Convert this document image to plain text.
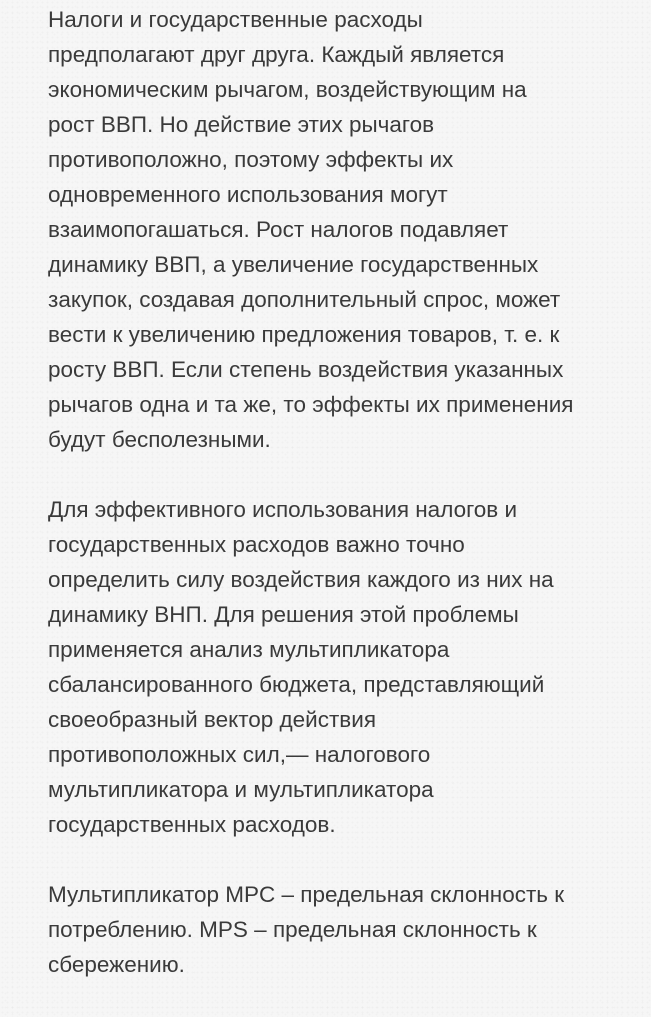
Налоги и государственные расходы
предполагают друг друга. Каждый является
экономическим рычагом, воздействующим на
рост ВВП. Но действие этих рычагов
противоположно, поэтому эффекты их
одновременного использования могут
взаимопогашаться. Рост налогов подавляет
динамику ВВП, а увеличение государственных
закупок, создавая дополнительный спрос, может
вести к увеличению предложения товаров, т. е. к
росту ВВП. Если степень воздействия указанных
рычагов одна и та же, то эффекты их применения
будут бесполезными.

Для эффективного использования налогов и
государственных расходов важно точно
определить силу воздействия каждого из них на
динамику ВНП. Для решения этой проблемы
применяется анализ мультипликатора
сбалансированного бюджета, представляющий
своеобразный вектор действия
противоположных сил,— налогового
мультипликатора и мультипликатора
государственных расходов.

Мультипликатор MPC – предельная склонность к
потреблению. MPS – предельная склонность к
сбережению.
